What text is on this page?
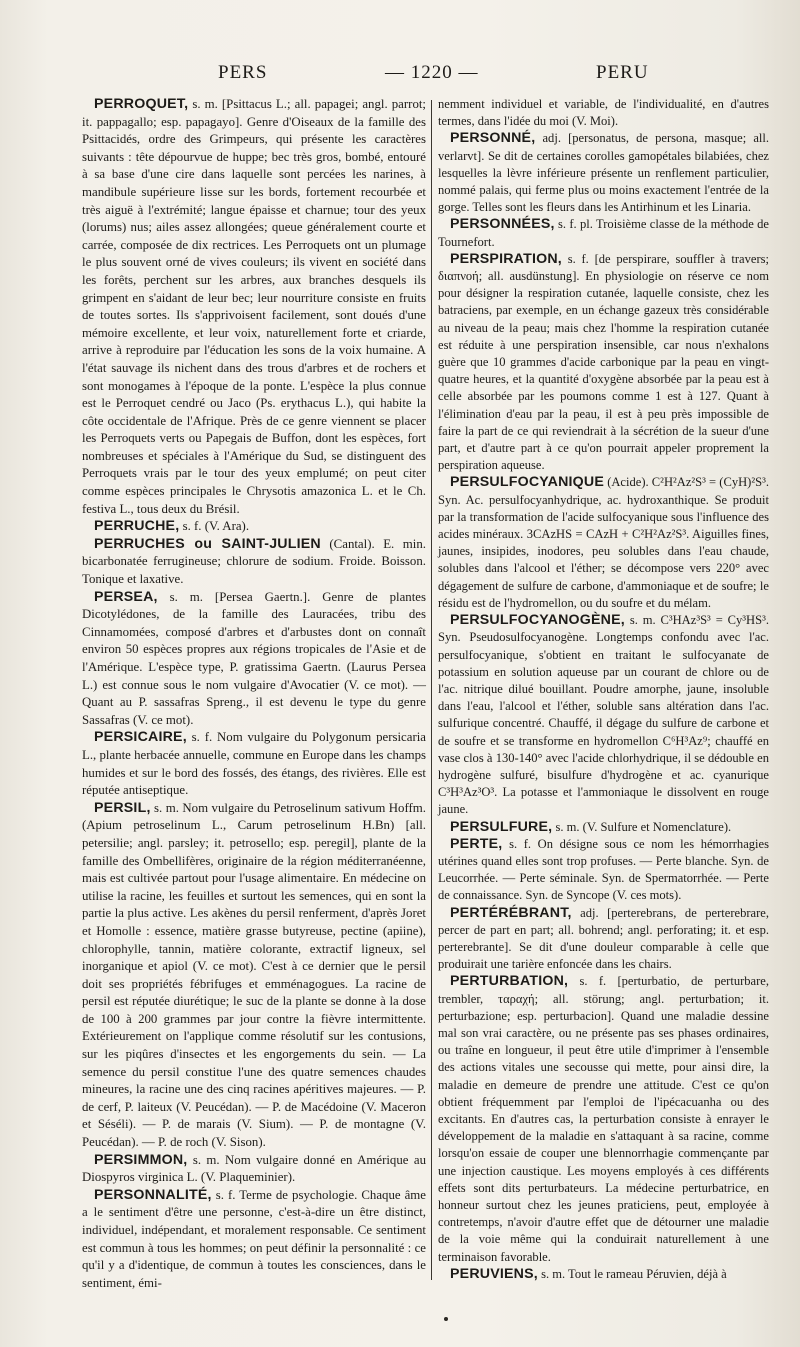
PERS	— 1220 —	PERU

PERROQUET, s. m. [Psittacus L.; all. papagei; angl. parrot; it. pappagallo; esp. papagayo]. Genre d'Oiseaux de la famille des Psittacidés, ordre des Grimpeurs, qui présente les caractères suivants : tête dépourvue de huppe; bec très gros, bombé, entouré à sa base d'une cire dans laquelle sont percées les narines, à mandibule supérieure lisse sur les bords, fortement recourbée et très aiguë à l'extrémité; langue épaisse et charnue; tour des yeux (lorums) nus; ailes assez allongées; queue généralement courte et carrée, composée de dix rectrices. Les Perroquets ont un plumage le plus souvent orné de vives couleurs; ils vivent en société dans les forêts, perchent sur les arbres, aux branches desquels ils grimpent en s'aidant de leur bec; leur nourriture consiste en fruits de toutes sortes. Ils s'apprivoisent facilement, sont doués d'une mémoire excellente, et leur voix, naturellement forte et criarde, arrive à reproduire par l'éducation les sons de la voix humaine. A l'état sauvage ils nichent dans des trous d'arbres et de rochers et sont monogames à l'époque de la ponte. L'espèce la plus connue est le Perroquet cendré ou Jaco (Ps. erythacus L.), qui habite la côte occidentale de l'Afrique. Près de ce genre viennent se placer les Perroquets verts ou Papegais de Buffon, dont les espèces, fort nombreuses et spéciales à l'Amérique du Sud, se distinguent des Perroquets vrais par le tour des yeux emplumé; on peut citer comme espèces principales le Chrysotis amazonica L. et le Ch. festiva L., tous deux du Brésil.

PERRUCHE, s. f. (V. Ara).

PERRUCHES ou SAINT-JULIEN (Cantal). E. min. bicarbonatée ferrugineuse; chlorure de sodium. Froide. Boisson. Tonique et laxative.

PERSEA, s. m. [Persea Gaertn.]. Genre de plantes Dicotylédones, de la famille des Lauracées, tribu des Cinnamomées, composé d'arbres et d'arbustes dont on connaît environ 50 espèces propres aux régions tropicales de l'Asie et de l'Amérique. L'espèce type, P. gratissima Gaertn. (Laurus Persea L.) est connue sous le nom vulgaire d'Avocatier (V. ce mot). — Quant au P. sassafras Spreng., il est devenu le type du genre Sassafras (V. ce mot).

PERSICAIRE, s. f. Nom vulgaire du Polygonum persicaria L., plante herbacée annuelle, commune en Europe dans les champs humides et sur le bord des fossés, des étangs, des rivières. Elle est réputée antiseptique.

PERSIL, s. m. Nom vulgaire du Petroselinum sativum Hoffm. (Apium petroselinum L., Carum petroselinum H.Bn) [all. petersilie; angl. parsley; it. petrosello; esp. peregil], plante de la famille des Ombellifères, originaire de la région méditerranéenne, mais est cultivée partout pour l'usage alimentaire. En médecine on utilise la racine, les feuilles et surtout les semences, qui en sont la partie la plus active. Les akènes du persil renferment, d'après Joret et Homolle : essence, matière grasse butyreuse, pectine (apiine), chlorophylle, tannin, matière colorante, extractif ligneux, sel inorganique et apiol (V. ce mot). C'est à ce dernier que le persil doit ses propriétés fébrifuges et emménagogues. La racine de persil est réputée diurétique; le suc de la plante se donne à la dose de 100 à 200 grammes par jour contre la fièvre intermittente. Extérieurement on l'applique comme résolutif sur les contusions, sur les piqûres d'insectes et les engorgements du sein. — La semence du persil constitue l'une des quatre semences chaudes mineures, la racine une des cinq racines apéritives majeures. — P. de cerf, P. laiteux (V. Peucédan). — P. de Macédoine (V. Maceron et Séséli). — P. de marais (V. Sium). — P. de montagne (V. Peucédan). — P. de roch (V. Sison).

PERSIMMON, s. m. Nom vulgaire donné en Amérique au Diospyros virginica L. (V. Plaqueminier).

PERSONNALITÉ, s. f. Terme de psychologie. Chaque âme a le sentiment d'être une personne, c'est-à-dire un être distinct, individuel, indépendant, et moralement responsable. Ce sentiment est commun à tous les hommes; on peut définir la personnalité : ce qu'il y a d'identique, de commun à toutes les consciences, dans le sentiment, émi-

nemment individuel et variable, de l'individualité, en d'autres termes, dans l'idée du moi (V. Moi).

PERSONNÉ, adj. [personatus, de persona, masque; all. verlarvt]. Se dit de certaines corolles gamopétales bilabiées, chez lesquelles la lèvre inférieure présente un renflement particulier, nommé palais, qui ferme plus ou moins exactement l'entrée de la gorge. Telles sont les fleurs dans les Antirhinum et les Linaria.

PERSONNÉES, s. f. pl. Troisième classe de la méthode de Tournefort.

PERSPIRATION, s. f. [de perspirare, souffler à travers; διαπνοή; all. ausdünstung]. En physiologie on réserve ce nom pour désigner la respiration cutanée, laquelle consiste, chez les batraciens, par exemple, en un échange gazeux très considérable au niveau de la peau; mais chez l'homme la respiration cutanée est réduite à une perspiration insensible, car nous n'exhalons guère que 10 grammes d'acide carbonique par la peau en vingt-quatre heures, et la quantité d'oxygène absorbée par la peau est à celle absorbée par les poumons comme 1 est à 127. Quant à l'élimination d'eau par la peau, il est à peu près impossible de faire la part de ce qui reviendrait à la sécrétion de la sueur d'une part, et d'autre part à ce qu'on pourrait appeler proprement la perspiration aqueuse.

PERSULFOCYANIQUE (Acide). C²H²Az²S³ = (CyH)²S³. Syn. Ac. persulfocyanhydrique, ac. hydroxanthique. Se produit par la transformation de l'acide sulfocyanique sous l'influence des acides minéraux. 3CAzHS = CAzH + C²H²Az²S³. Aiguilles fines, jaunes, insipides, inodores, peu solubles dans l'eau chaude, solubles dans l'alcool et l'éther; se décompose vers 220° avec dégagement de sulfure de carbone, d'ammoniaque et de soufre; le résidu est de l'hydromellon, ou du soufre et du mélam.

PERSULFOCYANOGÈNE, s. m. C³HAz³S³ = Cy³HS³. Syn. Pseudosulfocyanogène. Longtemps confondu avec l'ac. persulfocyanique, s'obtient en traitant le sulfocyanate de potassium en solution aqueuse par un courant de chlore ou de l'ac. nitrique dilué bouillant. Poudre amorphe, jaune, insoluble dans l'eau, l'alcool et l'éther, soluble sans altération dans l'ac. sulfurique concentré. Chauffé, il dégage du sulfure de carbone et de soufre et se transforme en hydromellon C⁶H³Az⁹; chauffé en vase clos à 130-140° avec l'acide chlorhydrique, il se dédouble en hydrogène sulfuré, bisulfure d'hydrogène et ac. cyanurique C³H³Az³O³. La potasse et l'ammoniaque le dissolvent en rouge jaune.

PERSULFURE, s. m. (V. Sulfure et Nomenclature).

PERTE, s. f. On désigne sous ce nom les hémorrhagies utérines quand elles sont trop profuses. — Perte blanche. Syn. de Leucorrhée. — Perte séminale. Syn. de Spermatorrhée. — Perte de connaissance. Syn. de Syncope (V. ces mots).

PERTÉRÉBRANT, adj. [perterebrans, de perterebrare, percer de part en part; all. bohrend; angl. perforating; it. et esp. perterebrante]. Se dit d'une douleur comparable à celle que produirait une tarière enfoncée dans les chairs.

PERTURBATION, s. f. [perturbatio, de perturbare, trembler, ταραχή; all. störung; angl. perturbation; it. perturbazione; esp. perturbacion]. Quand une maladie dessine mal son vrai caractère, ou ne présente pas ses phases ordinaires, ou traîne en longueur, il peut être utile d'imprimer à l'ensemble des actions vitales une secousse qui mette, pour ainsi dire, la maladie en demeure de prendre une attitude. C'est ce qu'on obtient fréquemment par l'emploi de l'ipécacuanha ou des excitants. En d'autres cas, la perturbation consiste à enrayer le développement de la maladie en s'attaquant à sa racine, comme lorsqu'on essaie de couper une blennorrhagie commençante par une injection caustique. Les moyens employés à ces différents effets sont dits perturbateurs. La médecine perturbatrice, en honneur surtout chez les jeunes praticiens, peut, employée à contretemps, n'avoir d'autre effet que de détourner une maladie de la voie même qui la conduirait naturellement à une terminaison favorable.

PERUVIENS, s. m. Tout le rameau Péruvien, déjà à
